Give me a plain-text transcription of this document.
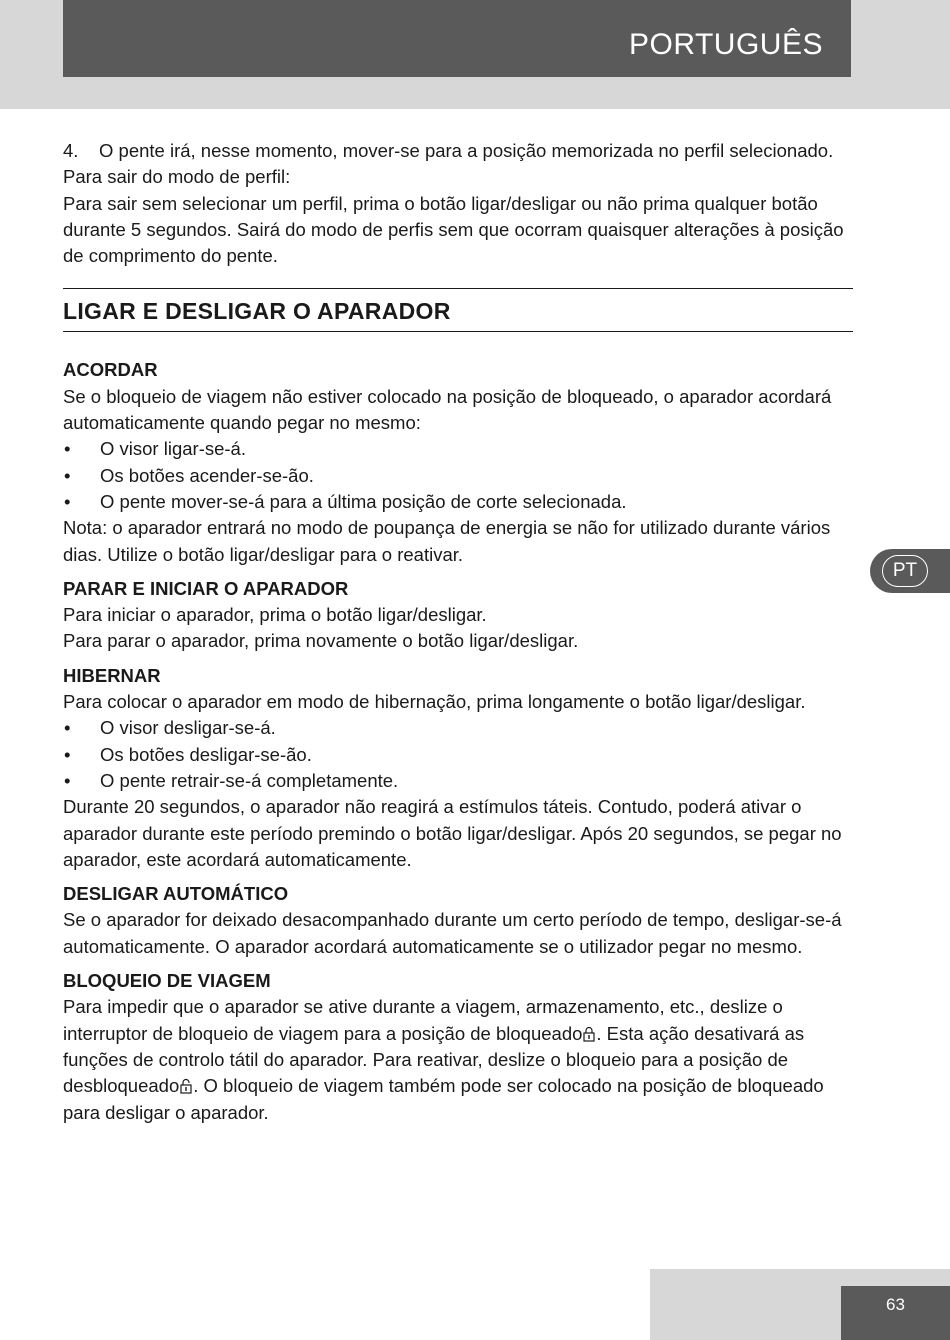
PORTUGUÊS
4.	O pente irá, nesse momento, mover-se para a posição memorizada no perfil selecionado.

Para sair do modo de perfil:

Para sair sem selecionar um perfil, prima o botão ligar/desligar ou não prima qualquer botão durante 5 segundos. Sairá do modo de perfis sem que ocorram quaisquer alterações à posição de comprimento do pente.

LIGAR E DESLIGAR O APARADOR

ACORDAR

Se o bloqueio de viagem não estiver colocado na posição de bloqueado, o aparador acordará automaticamente quando pegar no mesmo:

•	O visor ligar-se-á.
•	Os botões acender-se-ão.
•	O pente mover-se-á para a última posição de corte selecionada.

Nota: o aparador entrará no modo de poupança de energia se não for utilizado durante vários dias. Utilize o botão ligar/desligar para o reativar.

PARAR E INICIAR O APARADOR

Para iniciar o aparador, prima o botão ligar/desligar.

Para parar o aparador, prima novamente o botão ligar/desligar.

HIBERNAR

Para colocar o aparador em modo de hibernação, prima longamente o botão ligar/desligar.

•	O visor desligar-se-á.
•	Os botões desligar-se-ão.
•	O pente retrair-se-á completamente.

Durante 20 segundos, o aparador não reagirá a estímulos táteis. Contudo, poderá ativar o aparador durante este período premindo o botão ligar/desligar. Após 20 segundos, se pegar no aparador, este acordará automaticamente.

DESLIGAR AUTOMÁTICO

Se o aparador for deixado desacompanhado durante um certo período de tempo, desligar-se-á automaticamente. O aparador acordará automaticamente se o utilizador pegar no mesmo.

BLOQUEIO DE VIAGEM

Para impedir que o aparador se ative durante a viagem, armazenamento, etc., deslize o interruptor de bloqueio de viagem para a posição de bloqueado . Esta ação desativará as funções de controlo tátil do aparador. Para reativar, deslize o bloqueio para a posição de desbloqueado . O bloqueio de viagem também pode ser colocado na posição de bloqueado para desligar o aparador.

PT
63
